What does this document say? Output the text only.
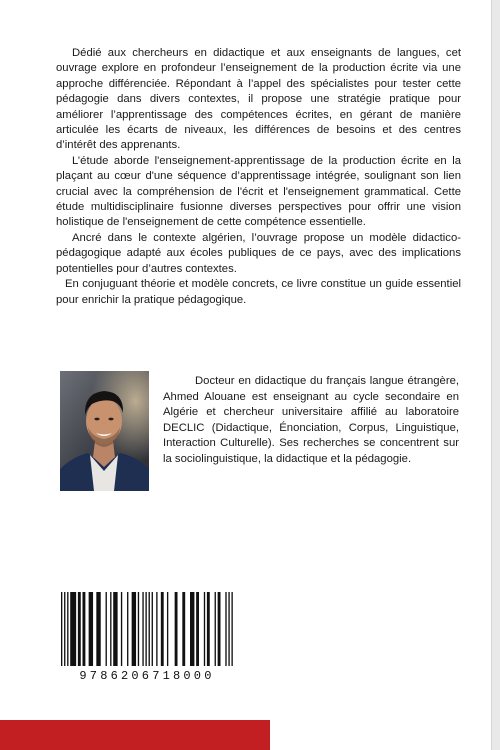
Dédié aux chercheurs en didactique et aux enseignants de langues, cet ouvrage explore en profondeur l’enseignement de la production écrite via une approche différenciée. Répondant à l’appel des spécialistes pour tester cette pédagogie dans divers contextes, il propose une stratégie pratique pour améliorer l’apprentissage des compétences écrites, en gérant de manière articulée les écarts de niveaux, les différences de besoins et des centres d’intérêt des apprenants.

L’étude aborde l'enseignement-apprentissage de la production écrite en la plaçant au cœur d'une séquence d’apprentissage intégrée, soulignant son lien crucial avec la compréhension de l'écrit et l'enseignement grammatical. Cette étude multidisciplinaire fusionne diverses perspectives pour offrir une vision holistique de l'enseignement de cette compétence essentielle.

Ancré dans le contexte algérien, l’ouvrage propose un modèle didactico-pédagogique adapté aux écoles publiques de ce pays, avec des implications potentielles pour d’autres contextes.

En conjuguant théorie et modèle concrets, ce livre constitue un guide essentiel pour enrichir la pratique pédagogique.

Docteur en didactique du français langue étrangère, Ahmed Alouane est enseignant au cycle secondaire en Algérie et chercheur universitaire affilié au laboratoire DECLIC (Didactique, Énonciation, Corpus, Linguistique, Interaction Culturelle). Ses recherches se concentrent sur la sociolinguistique, la didactique et la pédagogie.

9786206718000
